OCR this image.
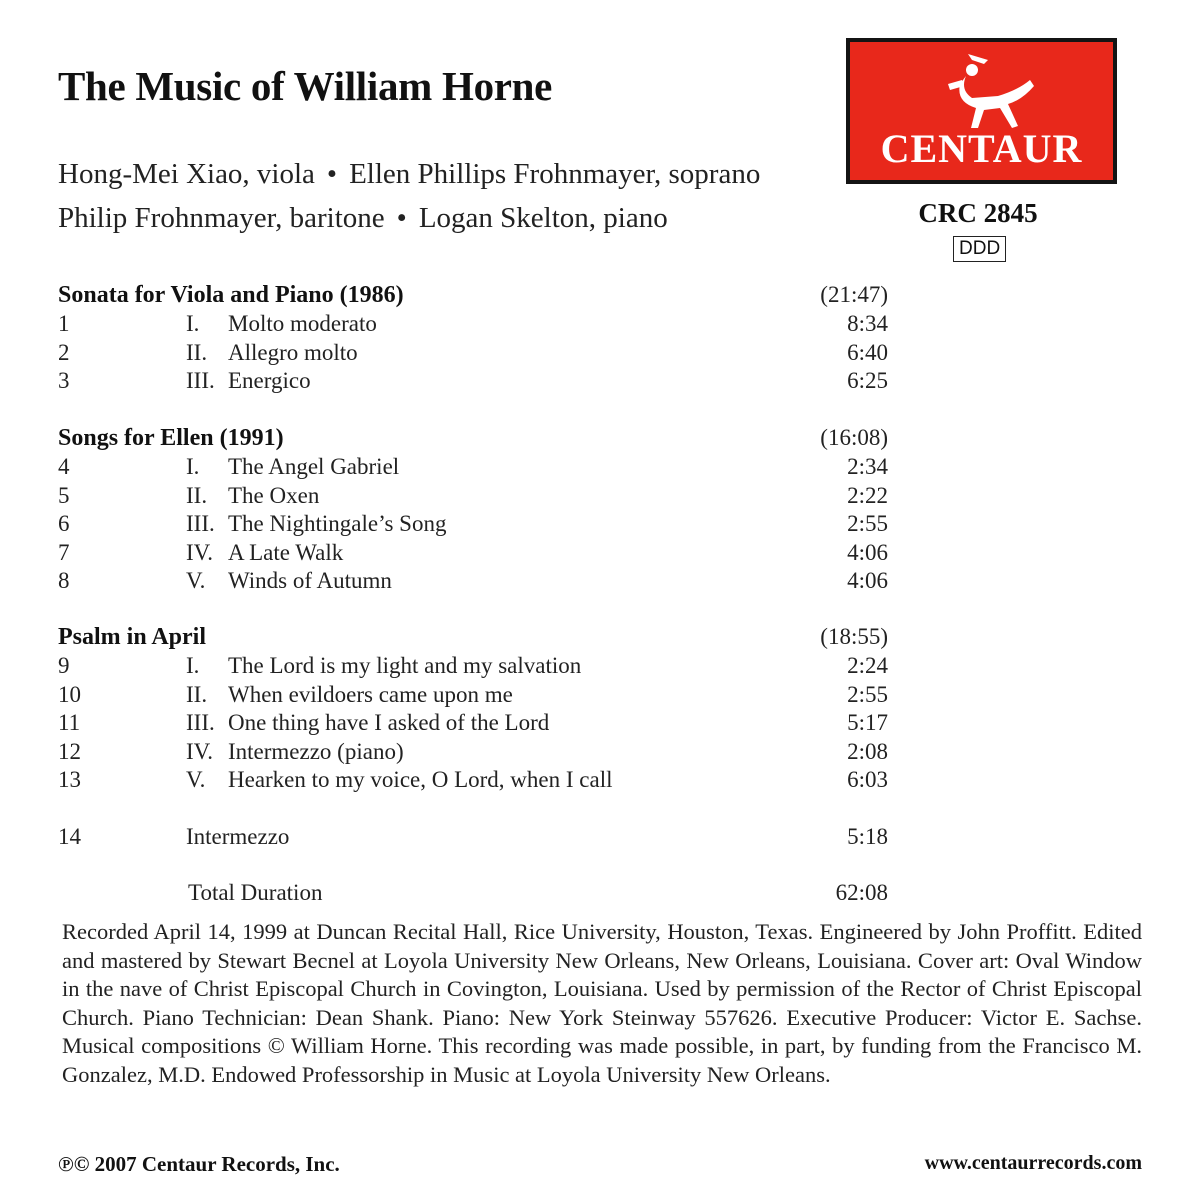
The Music of William Horne
Hong-Mei Xiao, viola • Ellen Phillips Frohnmayer, soprano
Philip Frohnmayer, baritone • Logan Skelton, piano
CENTAUR
CRC 2845
DDD
Sonata for Viola and Piano (1986)	(21:47)
1	I. Molto moderato	8:34
2	II. Allegro molto	6:40
3	III. Energico	6:25
Songs for Ellen (1991)	(16:08)
4	I. The Angel Gabriel	2:34
5	II. The Oxen	2:22
6	III. The Nightingale’s Song	2:55
7	IV. A Late Walk	4:06
8	V. Winds of Autumn	4:06
Psalm in April	(18:55)
9	I. The Lord is my light and my salvation	2:24
10	II. When evildoers came upon me	2:55
11	III. One thing have I asked of the Lord	5:17
12	IV. Intermezzo (piano)	2:08
13	V. Hearken to my voice, O Lord, when I call	6:03
14	Intermezzo	5:18
Total Duration	62:08

Recorded April 14, 1999 at Duncan Recital Hall, Rice University, Houston, Texas. Engineered by John Proffitt. Edited and mastered by Stewart Becnel at Loyola University New Orleans, New Orleans, Louisiana. Cover art: Oval Window in the nave of Christ Episcopal Church in Covington, Louisiana. Used by permission of the Rector of Christ Episcopal Church. Piano Technician: Dean Shank. Piano: New York Steinway 557626. Executive Producer: Victor E. Sachse. Musical compositions © William Horne. This recording was made possible, in part, by funding from the Francisco M. Gonzalez, M.D. Endowed Professorship in Music at Loyola University New Orleans.

℗© 2007 Centaur Records, Inc.	www.centaurrecords.com
